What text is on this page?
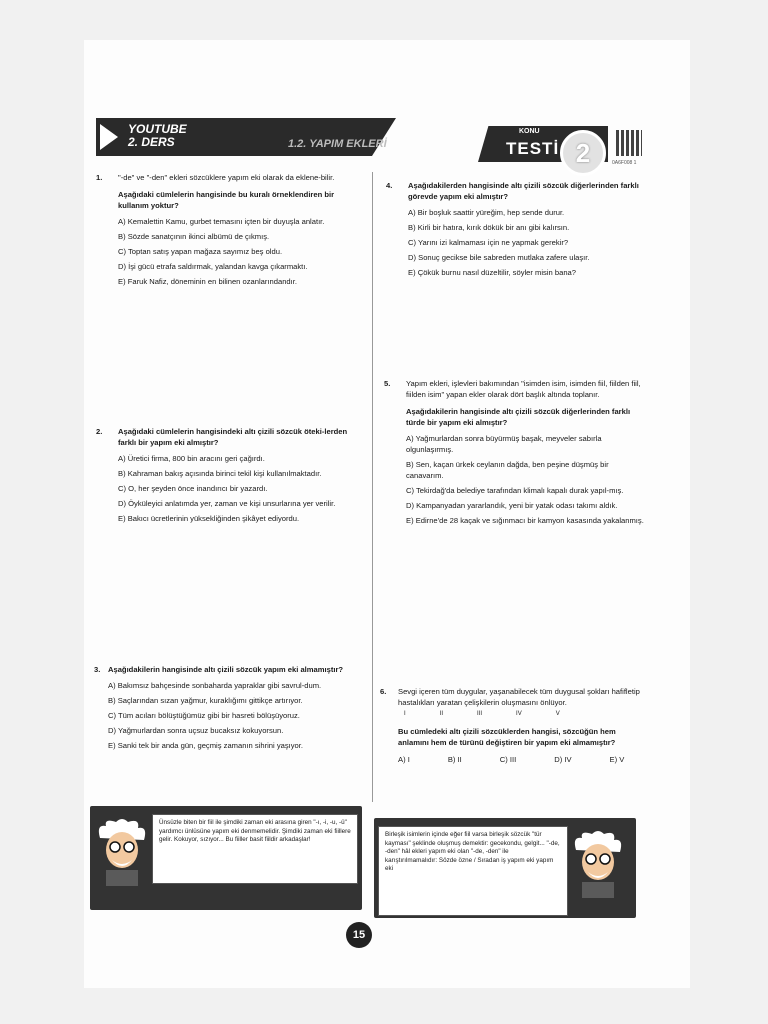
YOUTUBE
2. DERS	1.2. YAPIM EKLERİ
KONU
TESTİ 2	0A6F008 1
1. "-de" ve "-den" ekleri sözcüklere yapım eki olarak da eklene-bilir.

Aşağıdaki cümlelerin hangisinde bu kuralı örneklendiren bir kullanım yoktur?

A) Kemalettin Kamu, gurbet temasını içten bir duyuşla anlatır.

B) Sözde sanatçının ikinci albümü de çıkmış.

C) Toptan satış yapan mağaza sayımız beş oldu.

D) İşi gücü etrafa saldırmak, yalandan kavga çıkarmaktı.

E) Faruk Nafiz, döneminin en bilinen ozanlarındandır.

2. Aşağıdaki cümlelerin hangisindeki altı çizili sözcük öteki-lerden farklı bir yapım eki almıştır?

A) Üretici firma, 800 bin aracını geri çağırdı.

B) Kahraman bakış açısında birinci tekil kişi kullanılmaktadır.

C) O, her şeyden önce inandırıcı bir yazardı.

D) Öyküleyici anlatımda yer, zaman ve kişi unsurlarına yer verilir.

E) Bakıcı ücretlerinin yüksekliğinden şikâyet ediyordu.

3. Aşağıdakilerin hangisinde altı çizili sözcük yapım eki almamıştır?

A) Bakımsız bahçesinde sonbaharda yapraklar gibi savrul-dum.

B) Saçlarından sızan yağmur, kuraklığımı gittikçe artırıyor.

C) Tüm acıları bölüştüğümüz gibi bir hasreti bölüşüyoruz.

D) Yağmurlardan sonra uçsuz bucaksız kokuyorsun.

E) Sanki tek bir anda gün, geçmiş zamanın sihrini yaşıyor.

4. Aşağıdakilerden hangisinde altı çizili sözcük diğerlerinden farklı görevde yapım eki almıştır?

A) Bir boşluk saattir yüreğim, hep sende durur.

B) Kirli bir hatıra, kırık dökük bir anı gibi kalırsın.

C) Yarını izi kalmaması için ne yapmak gerekir?

D) Sonuç gecikse bile sabreden mutlaka zafere ulaşır.

E) Çökük burnu nasıl düzeltilir, söyler misin bana?

5. Yapım ekleri, işlevleri bakımından "isimden isim, isimden fiil, fiilden fiil, fiilden isim" yapan ekler olarak dört başlık altında toplanır.

Aşağıdakilerin hangisinde altı çizili sözcük diğerlerinden farklı türde bir yapım eki almıştır?

A) Yağmurlardan sonra büyürmüş başak, meyveler sabırla olgunlaşırmış.

B) Sen, kaçan ürkek ceylanın dağda, ben peşine düşmüş bir canavarım.

C) Tekirdağ'da belediye tarafından klimalı kapalı durak yapıl-mış.

D) Kampanyadan yararlandık, yeni bir yatak odası takımı aldık.

E) Edirne'de 28 kaçak ve sığınmacı bir kamyon kasasında yakalanmış.

6. Sevgi içeren tüm duygular, yaşanabilecek tüm duygusal şokları hafifletip hastalıkları yaratan çelişkilerin oluşmasını önlüyor.

I	II	III	IV	V

Bu cümledeki altı çizili sözcüklerden hangisi, sözcüğün hem anlamını hem de türünü değiştiren bir yapım eki almamıştır?

A) I	B) II	C) III	D) IV	E) V
Ünsüzle biten bir fiil ile şimdiki zaman eki arasına giren "-ı, -i, -u, -ü" yardımcı ünlüsüne yapım eki denmemelidir. Şimdiki zaman eki fiillere gelir. Kokuyor, sızıyor... Bu fiiller basit fiildir arkadaşlar!
Birleşik isimlerin içinde eğer fiil varsa birleşik sözcük "tür kayması" şeklinde oluşmuş demektir: gecekondu, gelgit... "-de, -den" hâl ekleri yapım eki olan "-de, -den" ile karıştırılmamalıdır: Sözde özne / Sıradan iş yapım eki yapım eki
15
